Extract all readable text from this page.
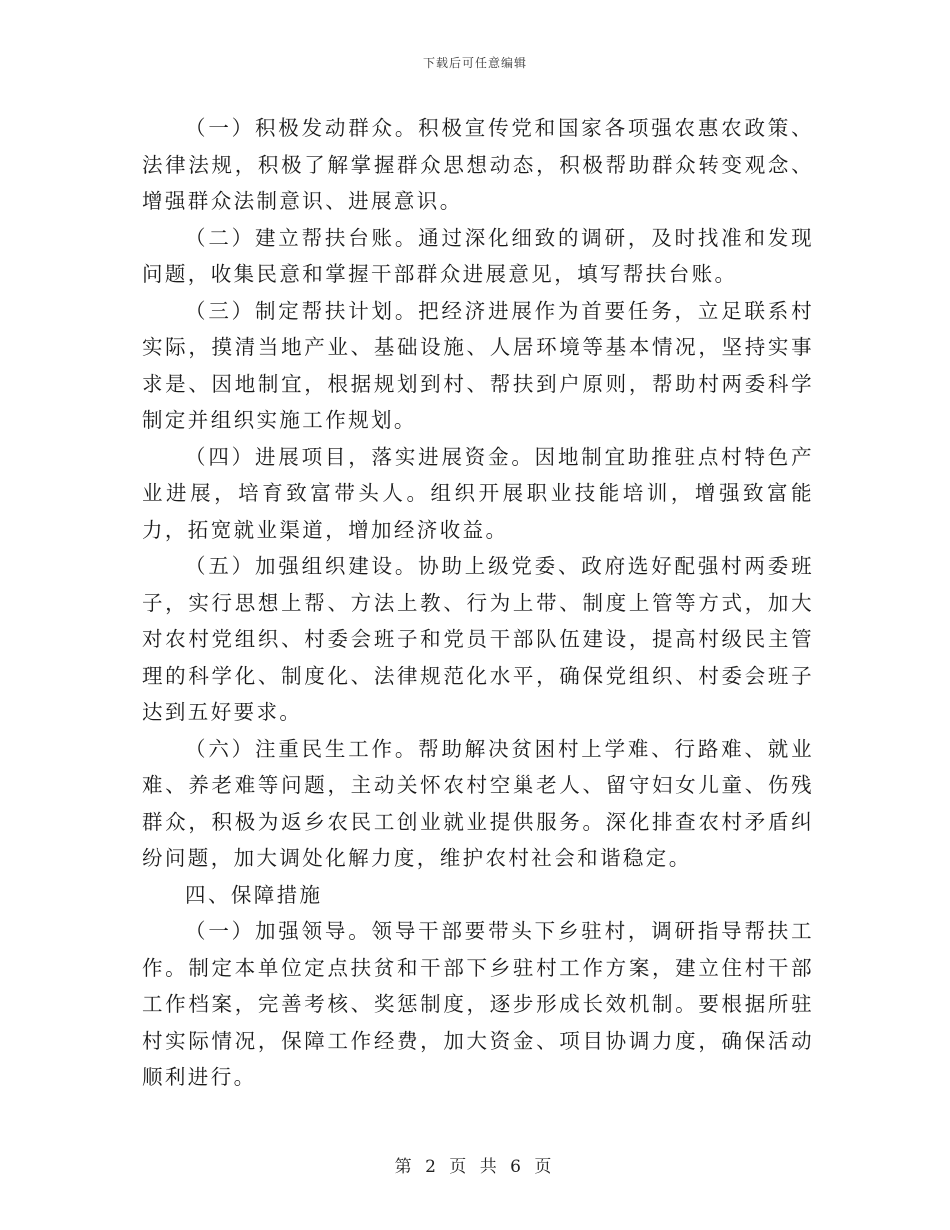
下载后可任意编辑

（一）积极发动群众。积极宣传党和国家各项强农惠农政策、法律法规，积极了解掌握群众思想动态，积极帮助群众转变观念、增强群众法制意识、进展意识。

（二）建立帮扶台账。通过深化细致的调研，及时找准和发现问题，收集民意和掌握干部群众进展意见，填写帮扶台账。

（三）制定帮扶计划。把经济进展作为首要任务，立足联系村实际，摸清当地产业、基础设施、人居环境等基本情况，坚持实事求是、因地制宜，根据规划到村、帮扶到户原则，帮助村两委科学制定并组织实施工作规划。

（四）进展项目，落实进展资金。因地制宜助推驻点村特色产业进展，培育致富带头人。组织开展职业技能培训，增强致富能力，拓宽就业渠道，增加经济收益。

（五）加强组织建设。协助上级党委、政府选好配强村两委班子，实行思想上帮、方法上教、行为上带、制度上管等方式，加大对农村党组织、村委会班子和党员干部队伍建设，提高村级民主管理的科学化、制度化、法律规范化水平，确保党组织、村委会班子达到五好要求。

（六）注重民生工作。帮助解决贫困村上学难、行路难、就业难、养老难等问题，主动关怀农村空巢老人、留守妇女儿童、伤残群众，积极为返乡农民工创业就业提供服务。深化排查农村矛盾纠纷问题，加大调处化解力度，维护农村社会和谐稳定。

四、保障措施

（一）加强领导。领导干部要带头下乡驻村，调研指导帮扶工作。制定本单位定点扶贫和干部下乡驻村工作方案，建立住村干部工作档案，完善考核、奖惩制度，逐步形成长效机制。要根据所驻村实际情况，保障工作经费，加大资金、项目协调力度，确保活动顺利进行。

第 2 页 共 6 页
